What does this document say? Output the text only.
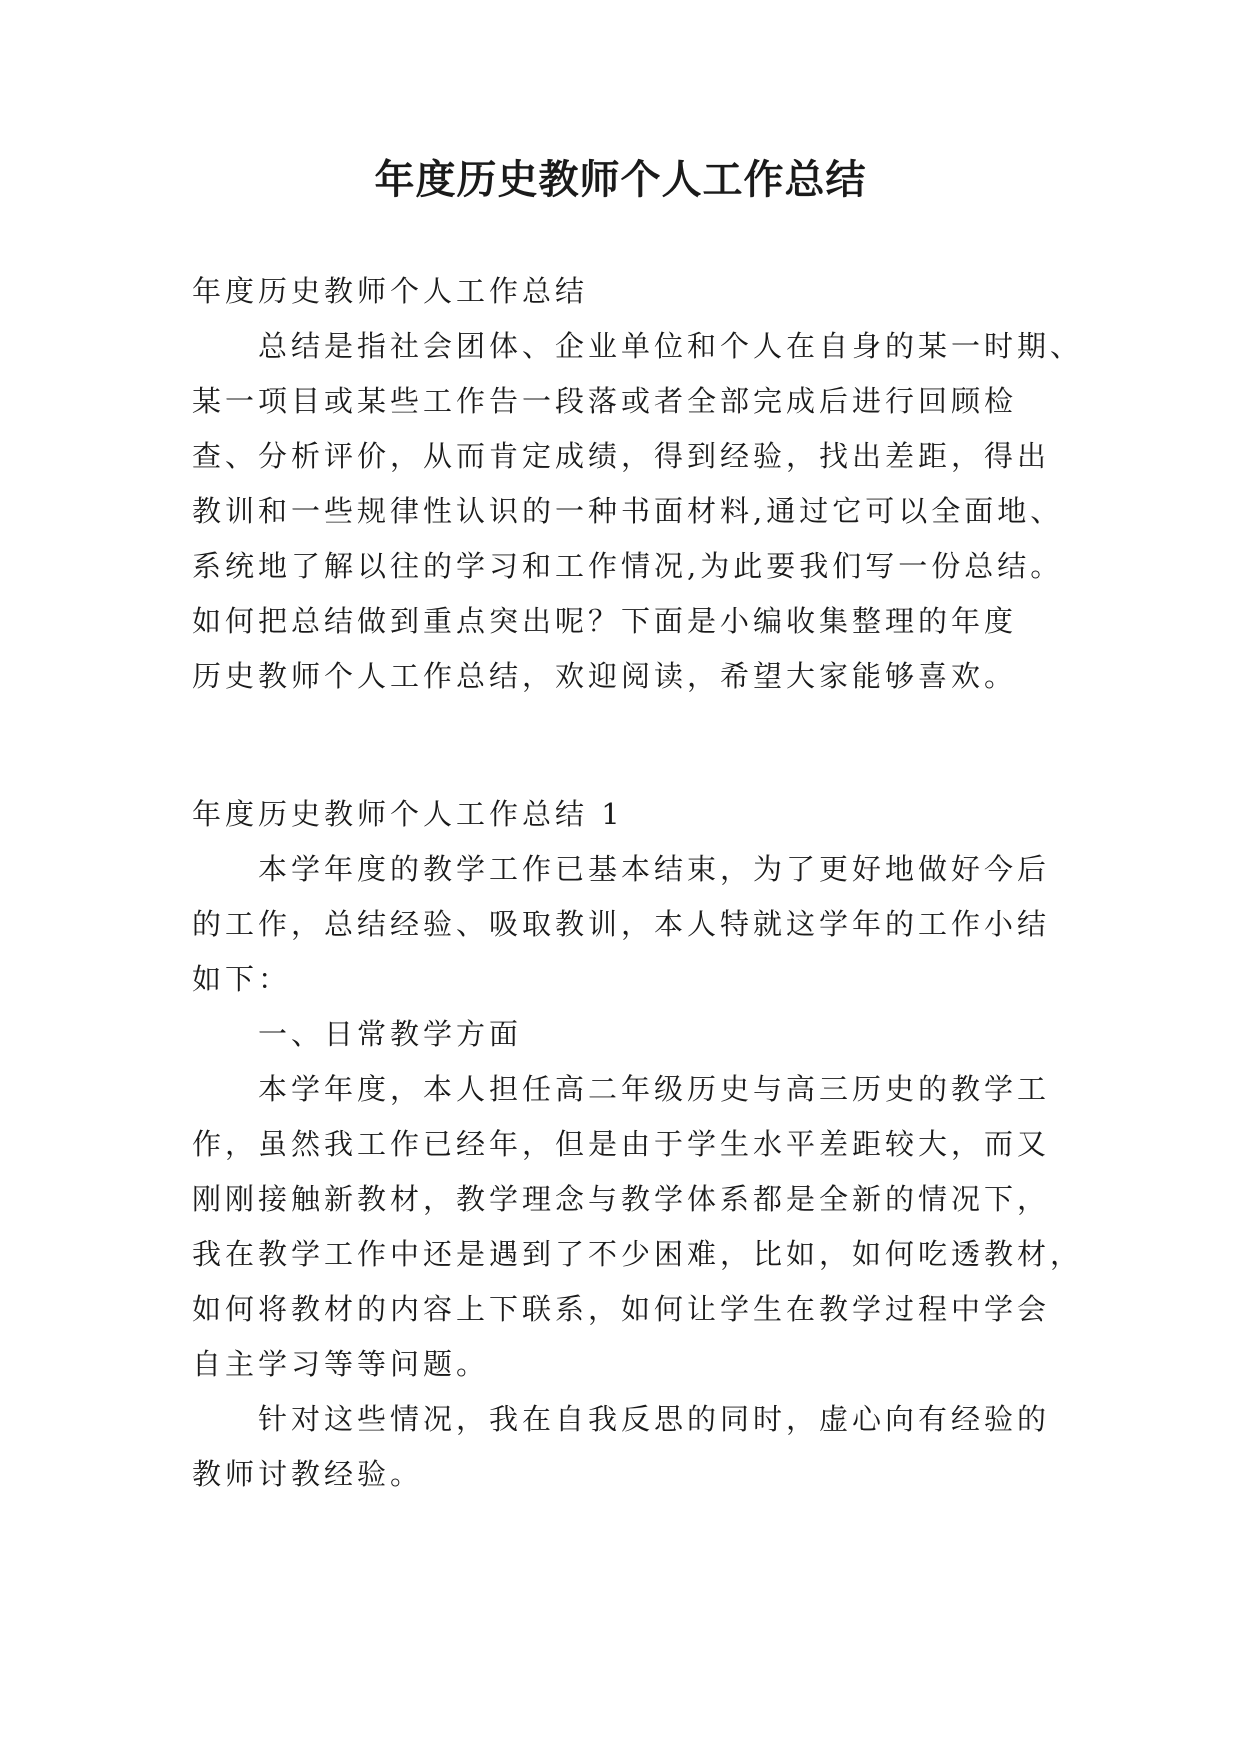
年度历史教师个人工作总结
年度历史教师个人工作总结
总结是指社会团体、企业单位和个人在自身的某一时期、
某一项目或某些工作告一段落或者全部完成后进行回顾检
查、分析评价，从而肯定成绩，得到经验，找出差距，得出
教训和一些规律性认识的一种书面材料,通过它可以全面地、
系统地了解以往的学习和工作情况,为此要我们写一份总结。
如何把总结做到重点突出呢？下面是小编收集整理的年度
历史教师个人工作总结，欢迎阅读，希望大家能够喜欢。
年度历史教师个人工作总结 1
本学年度的教学工作已基本结束，为了更好地做好今后
的工作，总结经验、吸取教训，本人特就这学年的工作小结
如下：
一、日常教学方面
本学年度，本人担任高二年级历史与高三历史的教学工
作，虽然我工作已经年，但是由于学生水平差距较大，而又
刚刚接触新教材，教学理念与教学体系都是全新的情况下，
我在教学工作中还是遇到了不少困难，比如，如何吃透教材，
如何将教材的内容上下联系，如何让学生在教学过程中学会
自主学习等等问题。
针对这些情况，我在自我反思的同时，虚心向有经验的
教师讨教经验。
